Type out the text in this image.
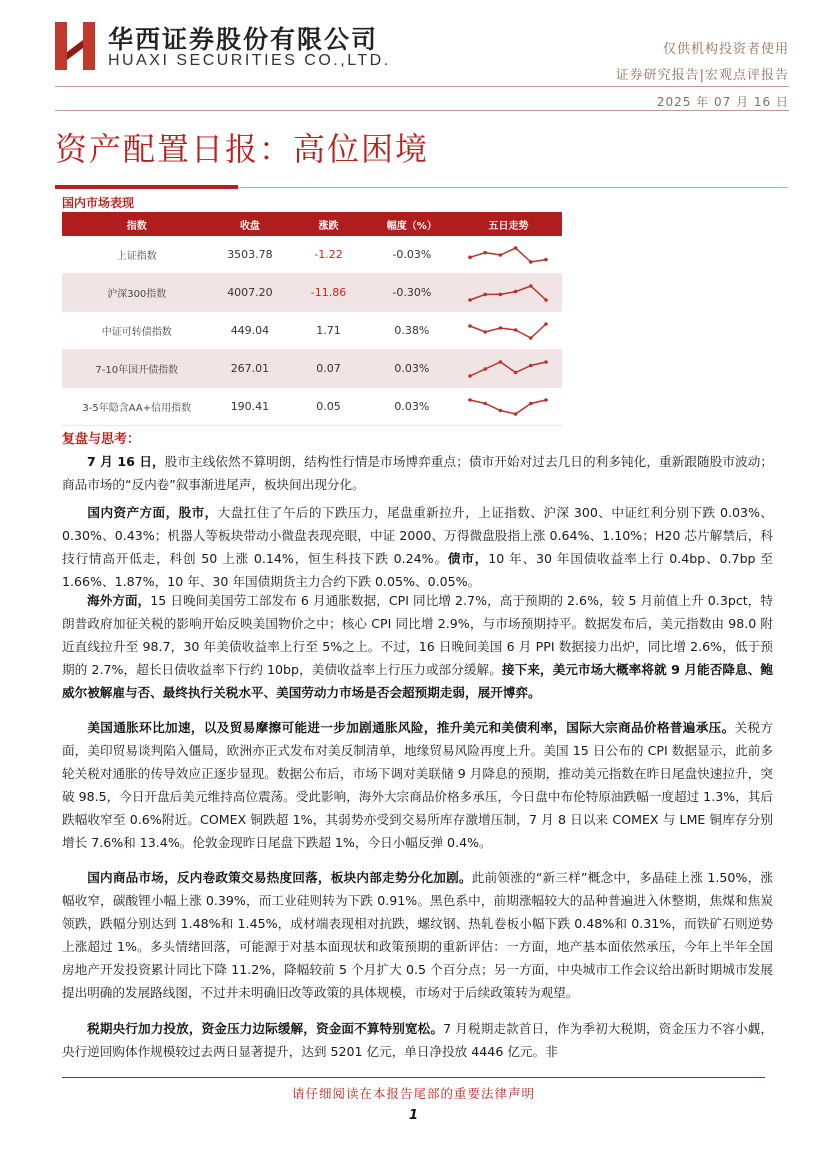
华西证券股份有限公司
HUAXI SECURITIES CO.,LTD.
仅供机构投资者使用
证券研究报告|宏观点评报告
2025 年 07 月 16 日
资产配置日报：高位困境
国内市场表现
指数	收盘	涨跌	幅度（%）	五日走势
上证指数	3503.78	-1.22	-0.03%	

沪深300指数	4007.20	-11.86	-0.30%	

中证可转债指数	449.04	1.71	0.38%	

7-10年国开债指数	267.01	0.07	0.03%	

3-5年隐含AA+信用指数	190.41	0.05	0.03%	
复盘与思考：
7 月 16 日，股市主线依然不算明朗，结构性行情是市场博弈重点；债市开始对过去几日的利多钝化，重新跟随股市波动；商品市场的“反内卷”叙事渐进尾声，板块间出现分化。
国内资产方面，股市，大盘扛住了午后的下跌压力，尾盘重新拉升，上证指数、沪深 300、中证红利分别下跌 0.03%、0.30%、0.43%；机器人等板块带动小微盘表现亮眼，中证 2000、万得微盘股指上涨 0.64%、1.10%；H20 芯片解禁后，科技行情高开低走，科创 50 上涨 0.14%，恒生科技下跌 0.24%。债市，10 年、30 年国债收益率上行 0.4bp、0.7bp 至 1.66%、1.87%，10 年、30 年国债期货主力合约下跌 0.05%、0.05%。
海外方面，15 日晚间美国劳工部发布 6 月通胀数据，CPI 同比增 2.7%，高于预期的 2.6%，较 5 月前值上升 0.3pct，特朗普政府加征关税的影响开始反映美国物价之中；核心 CPI 同比增 2.9%，与市场预期持平。数据发布后，美元指数由 98.0 附近直线拉升至 98.7，30 年美债收益率上行至 5%之上。不过，16 日晚间美国 6 月 PPI 数据接力出炉，同比增 2.6%，低于预期的 2.7%，超长日债收益率下行约 10bp，美债收益率上行压力或部分缓解。接下来，美元市场大概率将就 9 月能否降息、鲍威尔被解雇与否、最终执行关税水平、美国劳动力市场是否会超预期走弱，展开博弈。
美国通胀环比加速，以及贸易摩擦可能进一步加剧通胀风险，推升美元和美债利率，国际大宗商品价格普遍承压。关税方面，美印贸易谈判陷入僵局，欧洲亦正式发布对美反制清单，地缘贸易风险再度上升。美国 15 日公布的 CPI 数据显示，此前多轮关税对通胀的传导效应正逐步显现。数据公布后，市场下调对美联储 9 月降息的预期，推动美元指数在昨日尾盘快速拉升，突破 98.5，今日开盘后美元维持高位震荡。受此影响，海外大宗商品价格多承压，今日盘中布伦特原油跌幅一度超过 1.3%，其后跌幅收窄至 0.6%附近。COMEX 铜跌超 1%，其弱势亦受到交易所库存激增压制，7 月 8 日以来 COMEX 与 LME 铜库存分别增长 7.6%和 13.4%。伦敦金现昨日尾盘下跌超 1%，今日小幅反弹 0.4%。
国内商品市场，反内卷政策交易热度回落，板块内部走势分化加剧。此前领涨的“新三样”概念中，多晶硅上涨 1.50%，涨幅收窄，碳酸锂小幅上涨 0.39%，而工业硅则转为下跌 0.91%。黑色系中，前期涨幅较大的品种普遍进入休整期，焦煤和焦炭领跌，跌幅分别达到 1.48%和 1.45%，成材端表现相对抗跌，螺纹钢、热轧卷板小幅下跌 0.48%和 0.31%，而铁矿石则逆势上涨超过 1%。多头情绪回落，可能源于对基本面现状和政策预期的重新评估：一方面，地产基本面依然承压，今年上半年全国房地产开发投资累计同比下降 11.2%，降幅较前 5 个月扩大 0.5 个百分点；另一方面，中央城市工作会议给出新时期城市发展提出明确的发展路线图，不过并未明确旧改等政策的具体规模，市场对于后续政策转为观望。
税期央行加力投放，资金压力边际缓解，资金面不算特别宽松。7 月税期走款首日，作为季初大税期，资金压力不容小觑，央行逆回购体作规模较过去两日显著提升，达到 5201 亿元，单日净投放 4446 亿元。非
请仔细阅读在本报告尾部的重要法律声明
1
